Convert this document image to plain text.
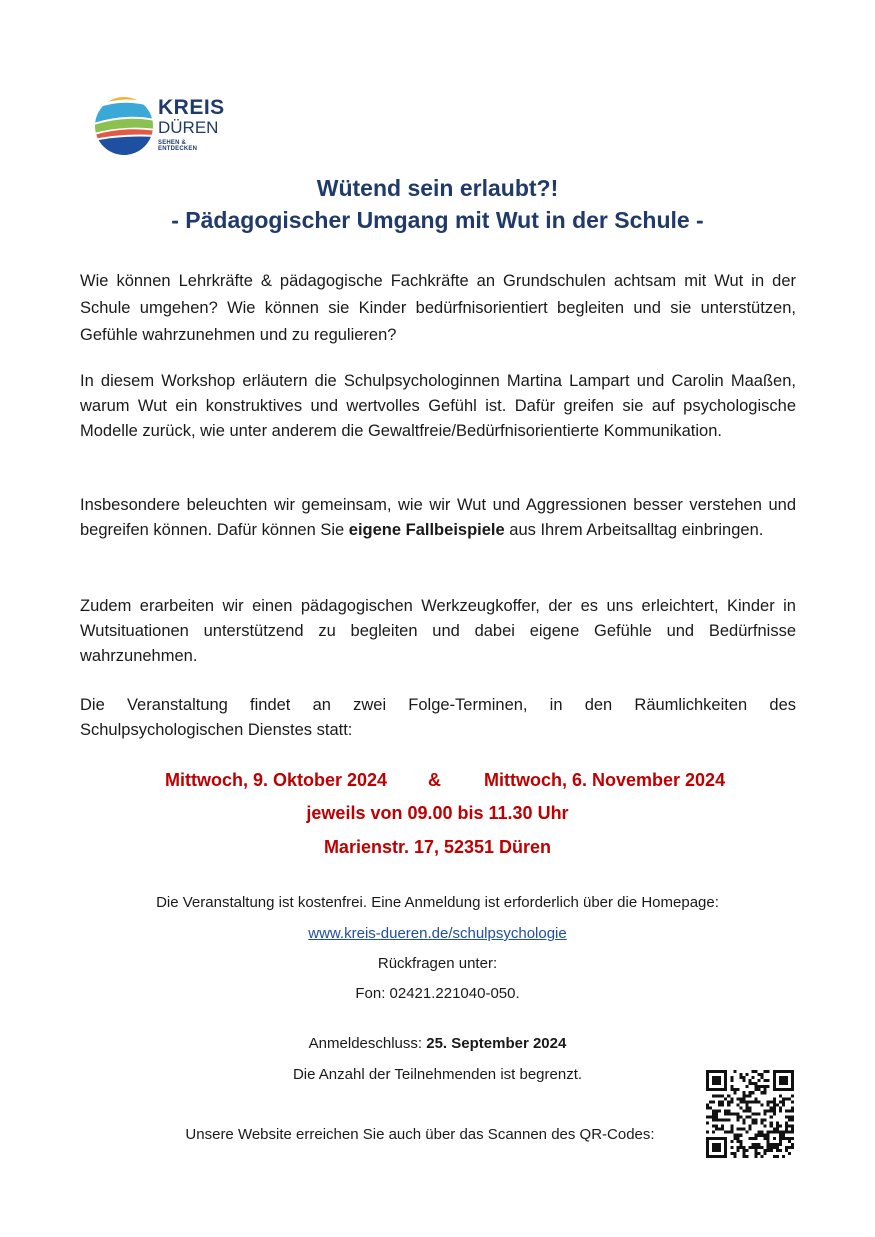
KREIS
DÜREN
SEHEN & ENTDECKEN
Wütend sein erlaubt?!
- Pädagogischer Umgang mit Wut in der Schule -
Wie können Lehrkräfte & pädagogische Fachkräfte an Grundschulen achtsam mit Wut in der Schule umgehen? Wie können sie Kinder bedürfnisorientiert begleiten und sie unterstützen, Gefühle wahrzunehmen und zu regulieren?
In diesem Workshop erläutern die Schulpsychologinnen Martina Lampart und Carolin Maaßen, warum Wut ein konstruktives und wertvolles Gefühl ist. Dafür greifen sie auf psychologische Modelle zurück, wie unter anderem die Gewaltfreie/Bedürfnisorientierte Kommunikation.
Insbesondere beleuchten wir gemeinsam, wie wir Wut und Aggressionen besser verstehen und begreifen können. Dafür können Sie eigene Fallbeispiele aus Ihrem Arbeitsalltag einbringen.
Zudem erarbeiten wir einen pädagogischen Werkzeugkoffer, der es uns erleichtert, Kinder in Wutsituationen unterstützend zu begleiten und dabei eigene Gefühle und Bedürfnisse wahrzunehmen.
Die Veranstaltung findet an zwei Folge-Terminen, in den Räumlichkeiten des Schulpsychologischen Dienstes statt:
Mittwoch, 9. Oktober 2024 & Mittwoch, 6. November 2024
jeweils von 09.00 bis 11.30 Uhr
Marienstr. 17, 52351 Düren
Die Veranstaltung ist kostenfrei. Eine Anmeldung ist erforderlich über die Homepage:
www.kreis-dueren.de/schulpsychologie
Rückfragen unter:
Fon: 02421.221040-050.
Anmeldeschluss: 25. September 2024
Die Anzahl der Teilnehmenden ist begrenzt.
Unsere Website erreichen Sie auch über das Scannen des QR-Codes:
